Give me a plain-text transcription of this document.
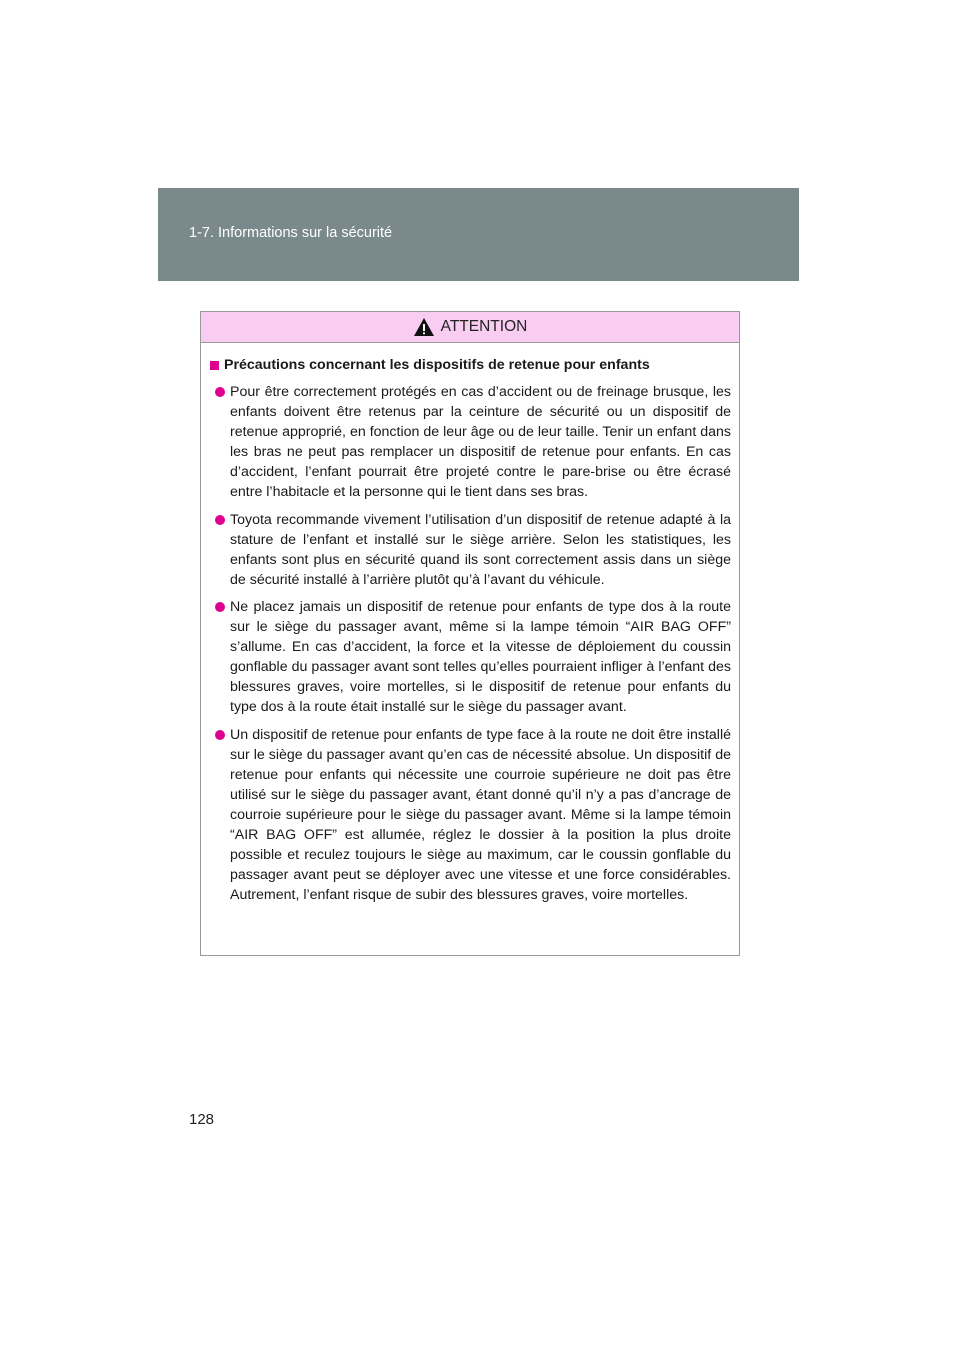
1-7. Informations sur la sécurité
ATTENTION
Précautions concernant les dispositifs de retenue pour enfants
Pour être correctement protégés en cas d’accident ou de freinage brusque, les enfants doivent être retenus par la ceinture de sécurité ou un dispositif de retenue approprié, en fonction de leur âge ou de leur taille. Tenir un enfant dans les bras ne peut pas remplacer un dispositif de retenue pour enfants. En cas d’accident, l’enfant pourrait être projeté contre le pare-brise ou être écrasé entre l’habitacle et la personne qui le tient dans ses bras.
Toyota recommande vivement l’utilisation d’un dispositif de retenue adapté à la stature de l’enfant et installé sur le siège arrière. Selon les statistiques, les enfants sont plus en sécurité quand ils sont correctement assis dans un siège de sécurité installé à l’arrière plutôt qu’à l’avant du véhicule.
Ne placez jamais un dispositif de retenue pour enfants de type dos à la route sur le siège du passager avant, même si la lampe témoin “AIR BAG OFF” s’allume. En cas d’accident, la force et la vitesse de déploiement du coussin gonflable du passager avant sont telles qu’elles pourraient infliger à l’enfant des blessures graves, voire mortelles, si le dispositif de retenue pour enfants du type dos à la route était installé sur le siège du passager avant.
Un dispositif de retenue pour enfants de type face à la route ne doit être installé sur le siège du passager avant qu’en cas de nécessité absolue. Un dispositif de retenue pour enfants qui nécessite une courroie supérieure ne doit pas être utilisé sur le siège du passager avant, étant donné qu’il n’y a pas d’ancrage de courroie supérieure pour le siège du passager avant. Même si la lampe témoin “AIR BAG OFF” est allumée, réglez le dossier à la position la plus droite possible et reculez toujours le siège au maximum, car le coussin gonflable du passager avant peut se déployer avec une vitesse et une force considérables. Autrement, l’enfant risque de subir des blessures graves, voire mortelles.
128
